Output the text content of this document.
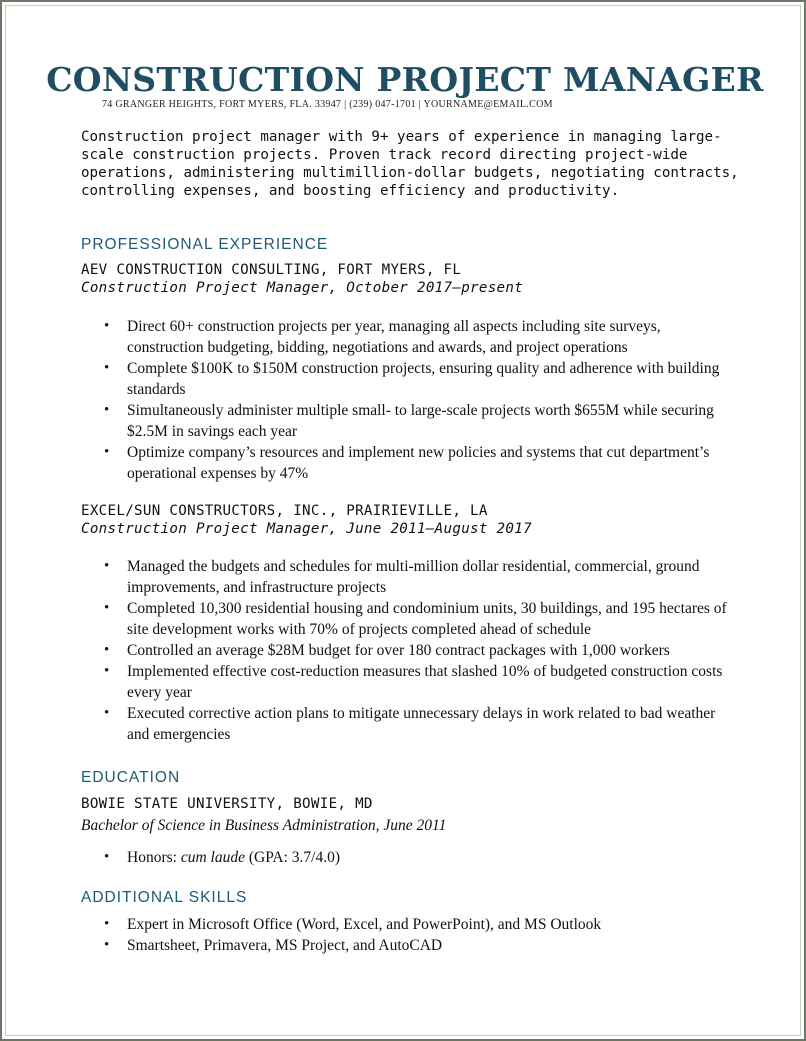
CONSTRUCTION PROJECT MANAGER
74 GRANGER HEIGHTS, FORT MYERS, FLA. 33947 | (239) 047-1701 | YOURNAME@EMAIL.COM

Construction project manager with 9+ years of experience in managing large-scale construction projects. Proven track record directing project-wide operations, administering multimillion-dollar budgets, negotiating contracts, controlling expenses, and boosting efficiency and productivity.

PROFESSIONAL EXPERIENCE
AEV CONSTRUCTION CONSULTING, FORT MYERS, FL
Construction Project Manager, October 2017–present
• Direct 60+ construction projects per year, managing all aspects including site surveys, construction budgeting, bidding, negotiations and awards, and project operations
• Complete $100K to $150M construction projects, ensuring quality and adherence with building standards
• Simultaneously administer multiple small- to large-scale projects worth $655M while securing $2.5M in savings each year
• Optimize company’s resources and implement new policies and systems that cut department’s operational expenses by 47%
EXCEL/SUN CONSTRUCTORS, INC., PRAIRIEVILLE, LA
Construction Project Manager, June 2011–August 2017
• Managed the budgets and schedules for multi-million dollar residential, commercial, ground improvements, and infrastructure projects
• Completed 10,300 residential housing and condominium units, 30 buildings, and 195 hectares of site development works with 70% of projects completed ahead of schedule
• Controlled an average $28M budget for over 180 contract packages with 1,000 workers
• Implemented effective cost-reduction measures that slashed 10% of budgeted construction costs every year
• Executed corrective action plans to mitigate unnecessary delays in work related to bad weather and emergencies
EDUCATION
BOWIE STATE UNIVERSITY, BOWIE, MD
Bachelor of Science in Business Administration, June 2011
• Honors: cum laude (GPA: 3.7/4.0)
ADDITIONAL SKILLS
• Expert in Microsoft Office (Word, Excel, and PowerPoint), and MS Outlook
• Smartsheet, Primavera, MS Project, and AutoCAD
